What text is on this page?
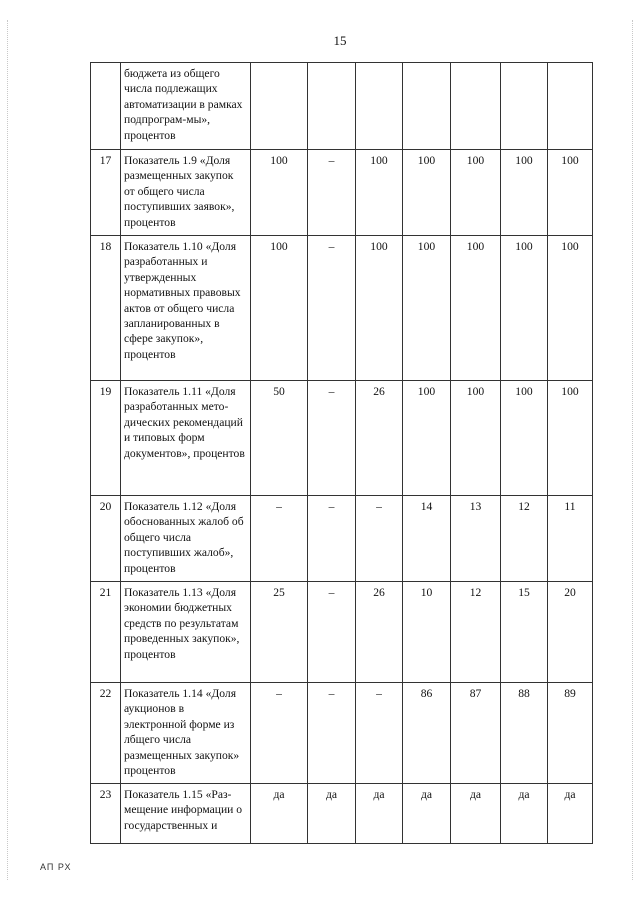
15
	бюджета из общего числа подлежащих автоматизации в рамках подпрограм-мы», процентов							
17	Показатель 1.9 «Доля размещенных закупок от общего числа поступивших заявок», процентов	100	–	100	100	100	100	100
18	Показатель 1.10 «Доля разработанных и утвержденных нормативных правовых актов от общего числа запланированных в сфере закупок», процентов	100	–	100	100	100	100	100
19	Показатель 1.11 «Доля разработанных мето-дических рекомендаций и типовых форм документов», процентов	50	–	26	100	100	100	100
20	Показатель 1.12 «Доля обоснованных жалоб об общего числа поступивших жалоб», процентов	–	–	–	14	13	12	11
21	Показатель 1.13 «Доля экономии бюджетных средств по результатам проведенных закупок», процентов	25	–	26	10	12	15	20
22	Показатель 1.14 «Доля аукционов в электронной форме из лбщего числа размещенных закупок» процентов	–	–	–	86	87	88	89
23	Показатель 1.15 «Раз-мещение информации о государственных и	да	да	да	да	да	да	да
АП РХ
